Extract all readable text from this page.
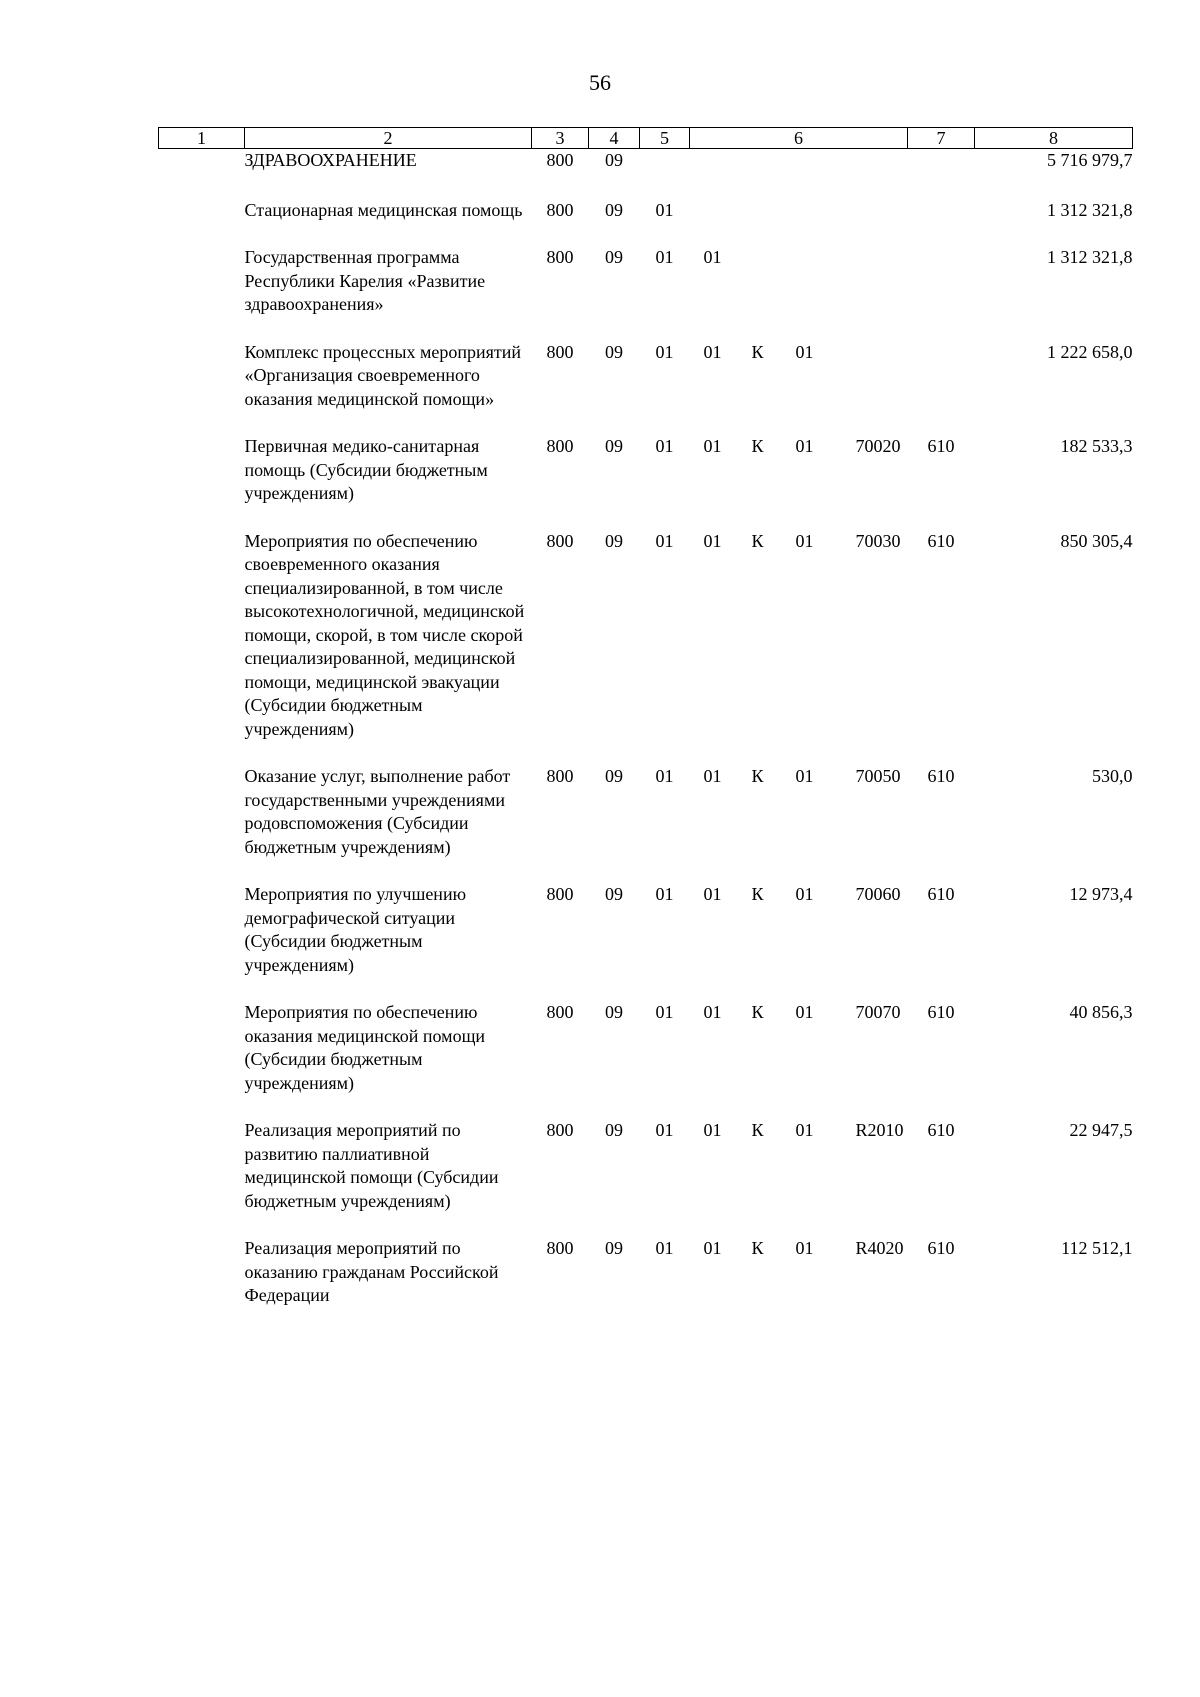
56
1	2	3	4	5	6	7	8
	ЗДРАВООХРАНЕНИЕ	800	09				5 716 979,7
	Стационарная медицинская помощь	800	09	01			1 312 321,8
	Государственная программа Республики Карелия «Развитие здравоохранения»	800	09	01	01		1 312 321,8
	Комплекс процессных мероприятий «Организация своевременного оказания медицинской помощи»	800	09	01	01 К 01		1 222 658,0
	Первичная медико-санитарная помощь (Субсидии бюджетным учреждениям)	800	09	01	01 К 01 70020	610	182 533,3
	Мероприятия по обеспечению своевременного оказания специализированной, в том числе высокотехнологичной, медицинской помощи, скорой, в том числе скорой специализированной, медицинской помощи, медицинской эвакуации (Субсидии бюджетным учреждениям)	800	09	01	01 К 01 70030	610	850 305,4
	Оказание услуг, выполнение работ государственными учреждениями родовспоможения (Субсидии бюджетным учреждениям)	800	09	01	01 К 01 70050	610	530,0
	Мероприятия по улучшению демографической ситуации (Субсидии бюджетным учреждениям)	800	09	01	01 К 01 70060	610	12 973,4
	Мероприятия по обеспечению оказания медицинской помощи (Субсидии бюджетным учреждениям)	800	09	01	01 К 01 70070	610	40 856,3
	Реализация мероприятий по развитию паллиативной медицинской помощи (Субсидии бюджетным учреждениям)	800	09	01	01 К 01 R2010	610	22 947,5
	Реализация мероприятий по оказанию гражданам Российской Федерации	800	09	01	01 К 01 R4020	610	112 512,1
